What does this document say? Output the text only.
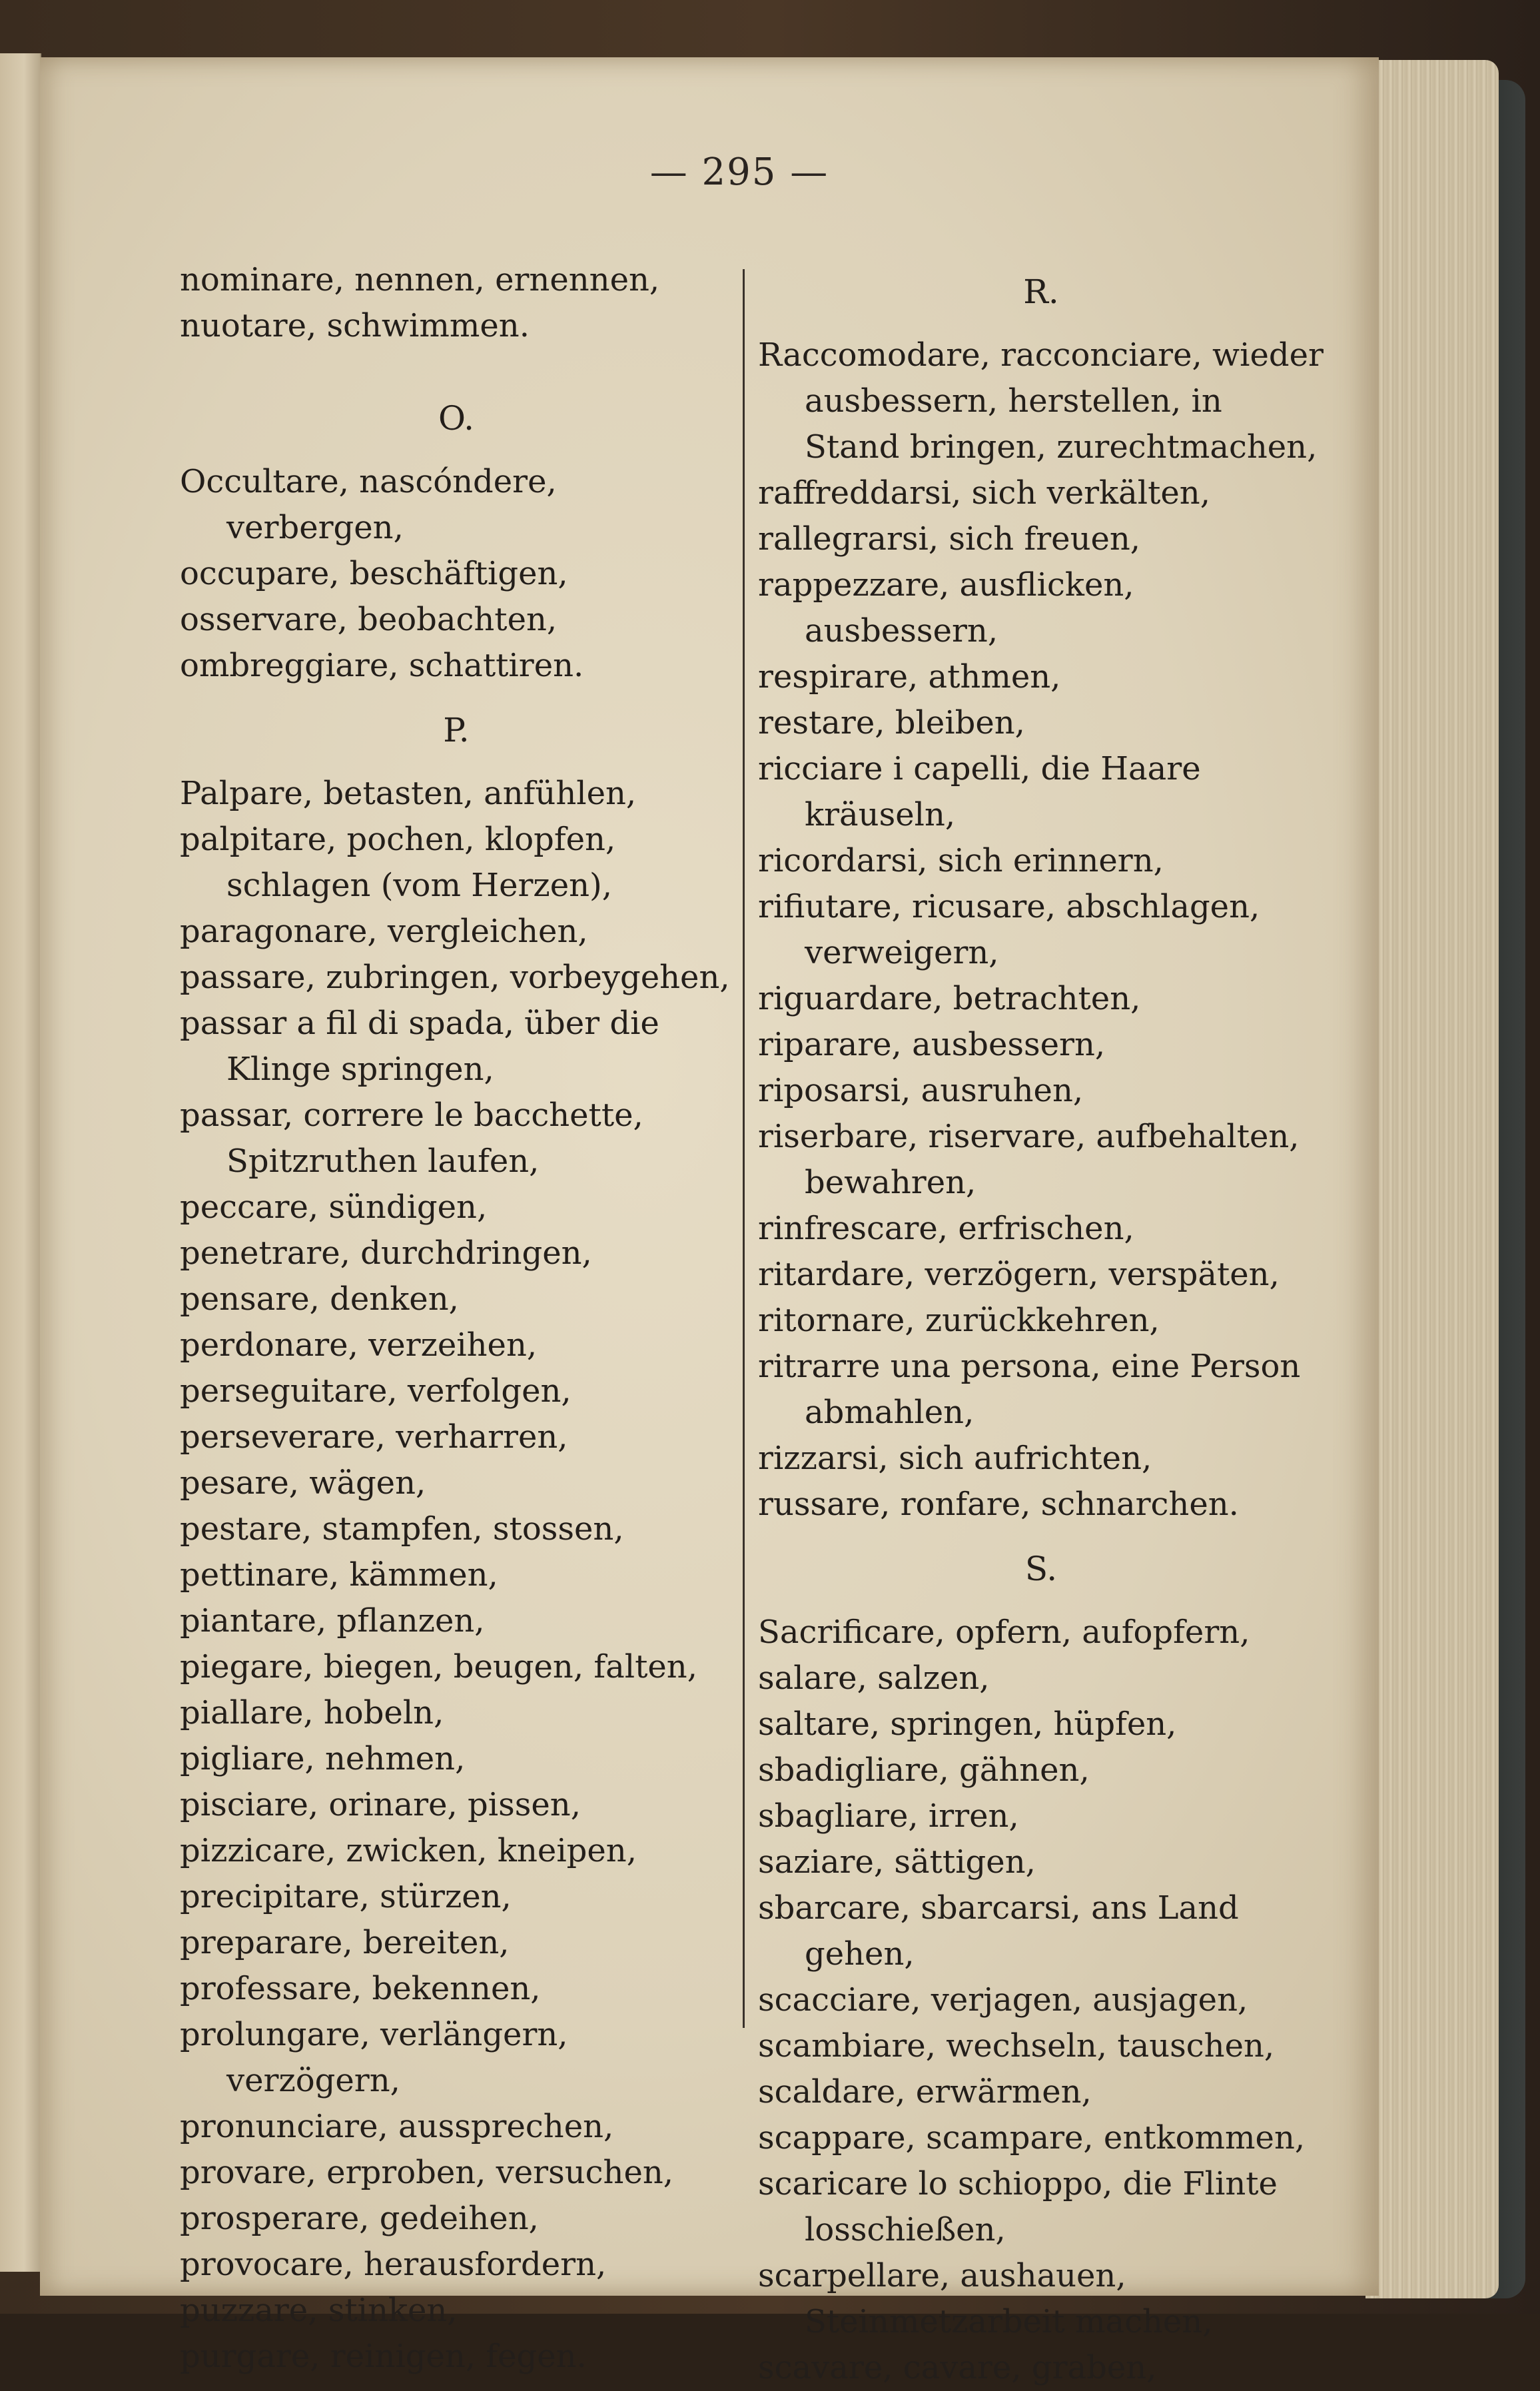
— 295 —

nominare, nennen, ernennen,

nuotare, schwimmen.

O.

Occultare, nascóndere, verbergen,

occupare, beschäftigen,

osservare, beobachten,

ombreggiare, schattiren.

P.

Palpare, betasten, anfühlen,

palpitare, pochen, klopfen, schlagen (vom Herzen),

paragonare, vergleichen,

passare, zubringen, vorbeygehen,

passar a fil di spada, über die Klinge springen,

passar, correre le bacchette, Spitzruthen laufen,

peccare, sündigen,

penetrare, durchdringen,

pensare, denken,

perdonare, verzeihen,

perseguitare, verfolgen,

perseverare, verharren,

pesare, wägen,

pestare, stampfen, stossen,

pettinare, kämmen,

piantare, pflanzen,

piegare, biegen, beugen, falten,

piallare, hobeln,

pigliare, nehmen,

pisciare, orinare, pissen,

pizzicare, zwicken, kneipen,

precipitare, stürzen,

preparare, bereiten,

professare, bekennen,

prolungare, verlängern, verzögern,

pronunciare, aussprechen,

provare, erproben, versuchen,

prosperare, gedeihen,

provocare, herausfordern,

puzzare, stinken,

purgare, reinigen, fegen.

R.

Raccomodare, racconciare, wieder ausbessern, herstellen, in Stand bringen, zurechtmachen,

raffreddarsi, sich verkälten,

rallegrarsi, sich freuen,

rappezzare, ausflicken, ausbessern,

respirare, athmen,

restare, bleiben,

ricciare i capelli, die Haare kräuseln,

ricordarsi, sich erinnern,

rifiutare, ricusare, abschlagen, verweigern,

riguardare, betrachten,

riparare, ausbessern,

riposarsi, ausruhen,

riserbare, riservare, aufbehalten, bewahren,

rinfrescare, erfrischen,

ritardare, verzögern, verspäten,

ritornare, zurückkehren,

ritrarre una persona, eine Person abmahlen,

rizzarsi, sich aufrichten,

russare, ronfare, schnarchen.

S.

Sacrificare, opfern, aufopfern,

salare, salzen,

saltare, springen, hüpfen,

sbadigliare, gähnen,

sbagliare, irren,

saziare, sättigen,

sbarcare, sbarcarsi, ans Land gehen,

scacciare, verjagen, ausjagen,

scambiare, wechseln, tauschen,

scaldare, erwärmen,

scappare, scampare, entkommen,

scaricare lo schioppo, die Flinte losschießen,

scarpellare, aushauen, Steinmetzarbeit machen,

scavare, cavare, graben,
